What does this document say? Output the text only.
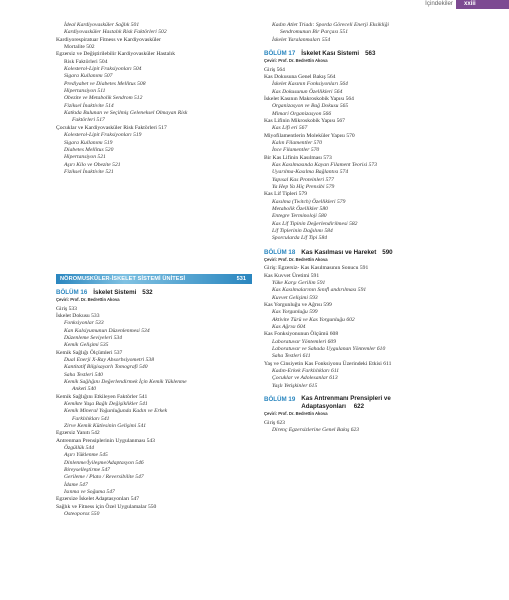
İçindekiler	xxiii
İdeal Kardiyovasküler Sağlık 501
Kardiyovasküler Hastalık Risk Faktörleri 502
Kardiyorespiratuar Fitness ve Kardiyovasküler
Mortalite 502
Egzersiz ve Değiştirilebilir Kardiyovasküler Hastalık
Risk Faktörleri 504
Kolesterol-Lipit Fraksiyonları 504
Sigara Kullanımı 507
Prediyabet ve Diabetes Mellitus 508
Hipertansiyon 511
Obezite ve Metabolik Sendrom 512
Fiziksel İnaktivite 514
Katkıda Bulunan ve Seçilmiş Geleneksel Olmayan Risk
Faktörleri 517
Çocuklar ve Kardiyovasküler Risk Faktörleri 517
Kolesterol-Lipit Fraksiyonları 519
Sigara Kullanımı 519
Diabetes Mellitus 520
Hipertansiyon 521
Aşırı Kilo ve Obezite 521
Fiziksel İnaktivite 521
NÖROMUSKÜLER-İSKELET SİSTEMİ ÜNİTESİ	531
BÖLÜM 16 İskelet Sistemi 532
Çeviri: Prof. Dr. Bedrettin Akova
Giriş 533
İskelet Dokusu 533
Fonksiyonlar 533
Kan Kalsiyumunun Düzenlenmesi 534
Düzenleme Seviyeleri 534
Kemik Gelişimi 535
Kemik Sağlığı Ölçümleri 537
Dual Enerji X-Ray Absorbsiyometri 538
Kantitatif Bilgisayarlı Tomografi 540
Saha Testleri 540
Kemik Sağlığını Değerlendirmek İçin Kemik Yüklenme
Anketi 540
Kemik Sağlığını Etkileyen Faktörler 541
Kemikte Yaşa Bağlı Değişiklikler 541
Kemik Mineral Yoğunluğunda Kadın ve Erkek
Farklılıkları 541
Zirve Kemik Kütlesinin Gelişimi 541
Egzersiz Yanıtı 542
Antrenman Prensiplerinin Uygulanması 543
Özgüllük 544
Aşırı Yüklenme 545
Dinlenme/İyileşme/Adaptasyon 546
Bireyselleştirme 547
Gerileme / Plato / Reversibilite 547
İdame 547
Isınma ve Soğuma 547
Egzersize İskelet Adaptasyonları 547
Sağlık ve Fitness için Özel Uygulamalar 550
Osteoporoz 550
Kadın Atlet Triadı: Sporda Göreceli Enerji Eksikliği
Sendromunun Bir Parçası 551
İskelet Yaralanmaları 554
BÖLÜM 17 İskelet Kası Sistemi 563
Çeviri: Prof. Dr. Bedrettin Akova
Giriş 564
Kas Dokusuna Genel Bakış 564
İskelet Kasının Fonksiyonları 564
Kas Dokusunun Özellikleri 564
İskelet Kasının Makroskobik Yapısı 564
Organizasyon ve Bağ Dokusu 565
Mimari Organizasyon 566
Kas Lifinin Mikroskobik Yapısı 567
Kas Lifi eri 567
Miyofilamentlerin Moleküler Yapısı 570
Kalın Filamentler 570
İnce Filamentler 570
Bir Kas Lifinin Kasılması 573
Kas Kasılmasında Kayan Filament Teorisi 573
Uyarılma-Kasılma Bağlantısı 574
Yapısal Kas Proteinleri 577
Ya Hep Ya Hiç Prensibi 579
Kas Lif Tipleri 579
Kasılma (Twitch) Özellikleri 579
Metabolik Özellikler 580
Entegre Terminoloji 580
Kas Lif Tipinin Değerlendirilmesi 582
Lif Tiplerinin Dağılımı 584
Sporcularda Lif Tipi 584
BÖLÜM 18 Kas Kasılması ve Hareket 590
Çeviri: Prof. Dr. Bedrettin Akova
Giriş: Egzersiz- Kas Kasılmasının Sonucu 591
Kas Kuvvet Üretimi 591
Yüke Karşı Gerilim 591
Kas Kasılmalarının Sınıfl andırılması 591
Kuvvet Gelişimi 593
Kas Yorgunluğu ve Ağrısı 599
Kas Yorgunluğu 599
Aktivite Türü ve Kas Yorgunluğu 602
Kas Ağrısı 604
Kas Fonksiyonunun Ölçümü 608
Laboratuvar Yöntemleri 609
Laboratuvar ve Sahada Uygulanan Yöntemler 610
Saha Testleri 611
Yaş ve Cinsiyetin Kas Fonksiyonu Üzerindeki Etkisi 611
Kadın-Erkek Farklılıkları 611
Çocuklar ve Adolesanlar 613
Yaşlı Yetişkinler 615
BÖLÜM 19 Kas Antrenmanı Prensipleri ve Adaptasyonları 622
Çeviri: Prof. Dr. Bedrettin Akova
Giriş 623
Direnç Egzersizlerine Genel Bakış 623
